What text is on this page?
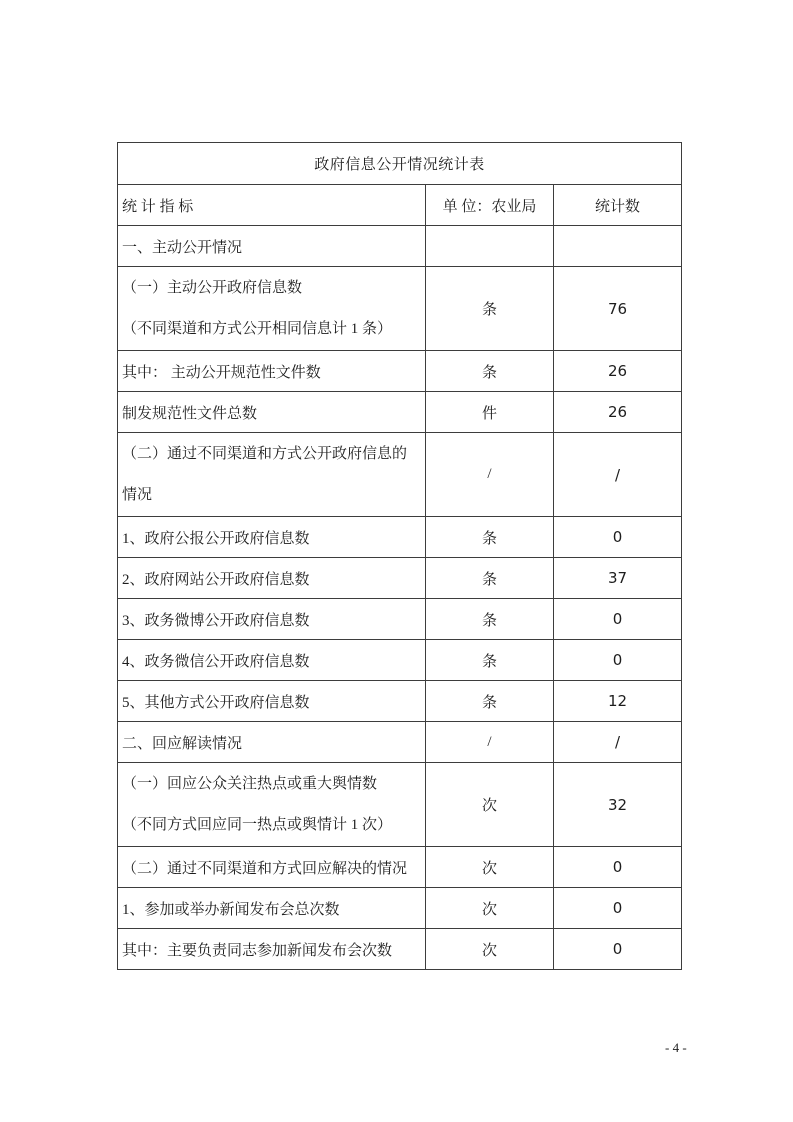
政府信息公开情况统计表		
统 计 指 标	单 位：农业局	统计数

一、主动公开情况		

（一）主动公开政府信息数
（不同渠道和方式公开相同信息计 1 条）	条	76

其中： 主动公开规范性文件数	条	26

制发规范性文件总数	件	26

（二）通过不同渠道和方式公开政府信息的
情况	/	/

1、政府公报公开政府信息数	条	0

2、政府网站公开政府信息数	条	37

3、政务微博公开政府信息数	条	0

4、政务微信公开政府信息数	条	0

5、其他方式公开政府信息数	条	12

二、回应解读情况	/	/

（一）回应公众关注热点或重大舆情数
（不同方式回应同一热点或舆情计 1 次）	次	32

（二）通过不同渠道和方式回应解决的情况	次	0

1、参加或举办新闻发布会总次数	次	0

其中：主要负责同志参加新闻发布会次数	次	0
- 4 -
